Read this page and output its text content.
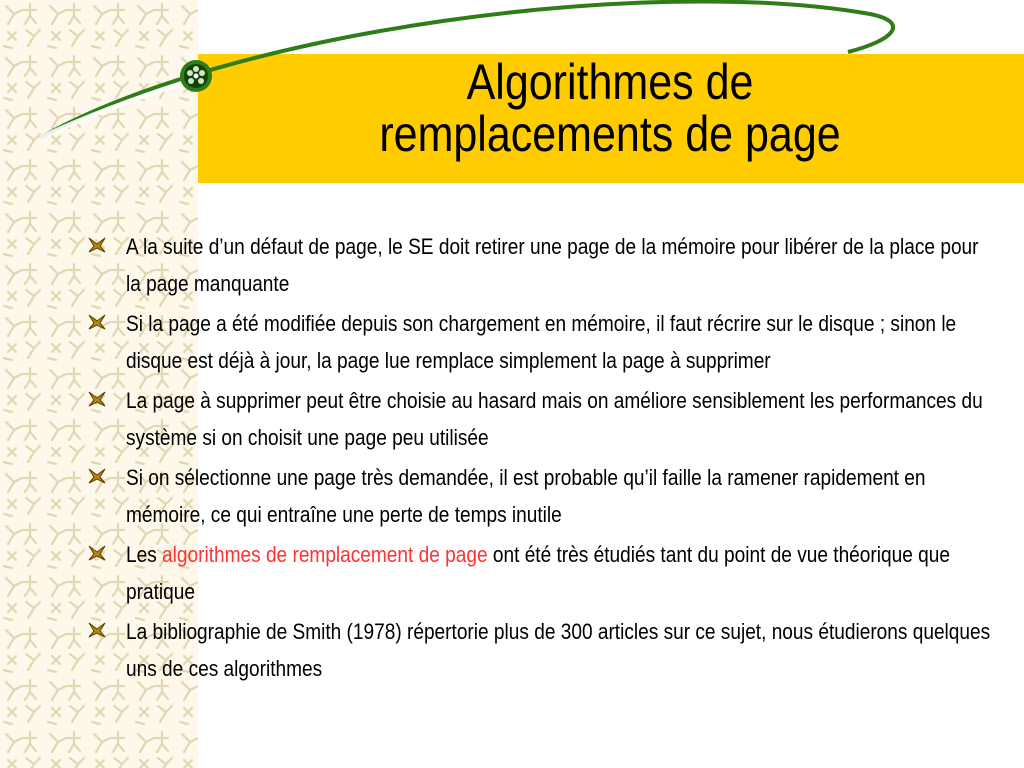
Algorithmes de
remplacements de page
A la suite d’un défaut de page, le SE doit retirer une page de la mémoire pour libérer de la place pour la page manquante
Si la page a été modifiée depuis son chargement en mémoire, il faut récrire sur le disque ; sinon le disque est déjà à jour, la page lue remplace simplement la page à supprimer
La page à supprimer peut être choisie au hasard mais on améliore sensiblement les performances du système si on choisit une page peu utilisée
Si on sélectionne une page très demandée, il est probable qu’il faille la ramener rapidement en mémoire, ce qui entraîne une perte de temps inutile
Les algorithmes de remplacement de page ont été très étudiés tant du point de vue théorique que pratique
La bibliographie de Smith (1978) répertorie plus de 300 articles sur ce sujet, nous étudierons quelques uns de ces algorithmes
